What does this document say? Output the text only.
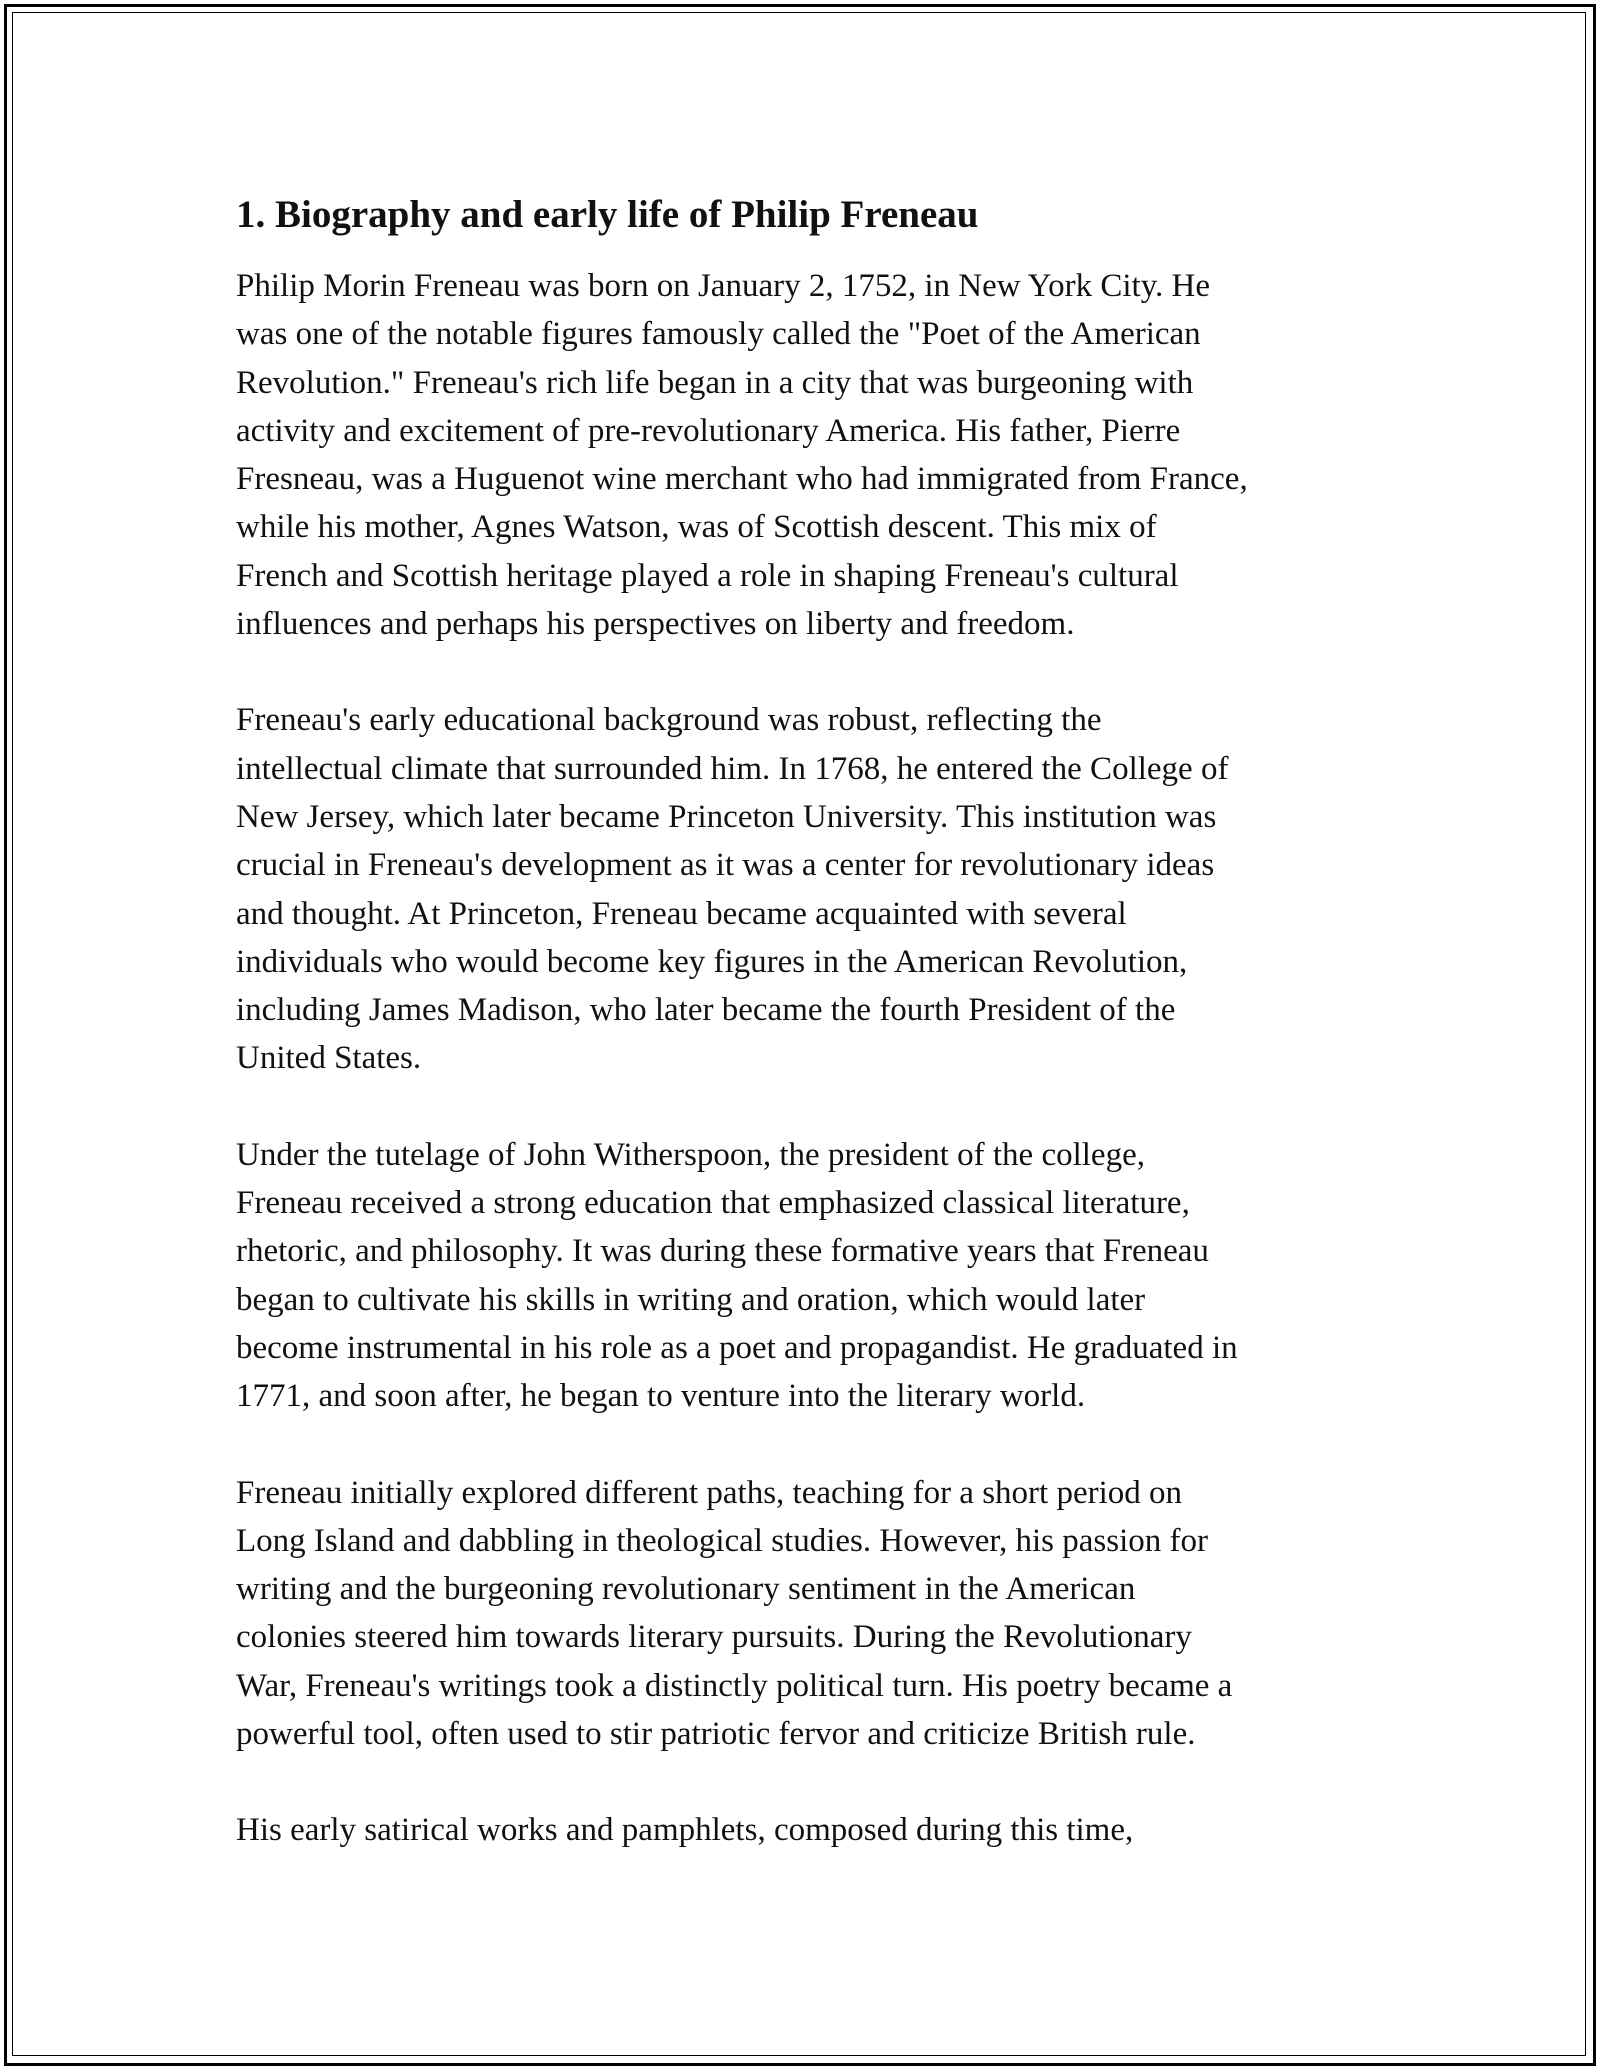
1. Biography and early life of Philip Freneau

Philip Morin Freneau was born on January 2, 1752, in New York City. He
was one of the notable figures famously called the "Poet of the American
Revolution." Freneau's rich life began in a city that was burgeoning with
activity and excitement of pre-revolutionary America. His father, Pierre
Fresneau, was a Huguenot wine merchant who had immigrated from France,
while his mother, Agnes Watson, was of Scottish descent. This mix of
French and Scottish heritage played a role in shaping Freneau's cultural
influences and perhaps his perspectives on liberty and freedom.

Freneau's early educational background was robust, reflecting the
intellectual climate that surrounded him. In 1768, he entered the College of
New Jersey, which later became Princeton University. This institution was
crucial in Freneau's development as it was a center for revolutionary ideas
and thought. At Princeton, Freneau became acquainted with several
individuals who would become key figures in the American Revolution,
including James Madison, who later became the fourth President of the
United States.

Under the tutelage of John Witherspoon, the president of the college,
Freneau received a strong education that emphasized classical literature,
rhetoric, and philosophy. It was during these formative years that Freneau
began to cultivate his skills in writing and oration, which would later
become instrumental in his role as a poet and propagandist. He graduated in
1771, and soon after, he began to venture into the literary world.

Freneau initially explored different paths, teaching for a short period on
Long Island and dabbling in theological studies. However, his passion for
writing and the burgeoning revolutionary sentiment in the American
colonies steered him towards literary pursuits. During the Revolutionary
War, Freneau's writings took a distinctly political turn. His poetry became a
powerful tool, often used to stir patriotic fervor and criticize British rule.

His early satirical works and pamphlets, composed during this time,
